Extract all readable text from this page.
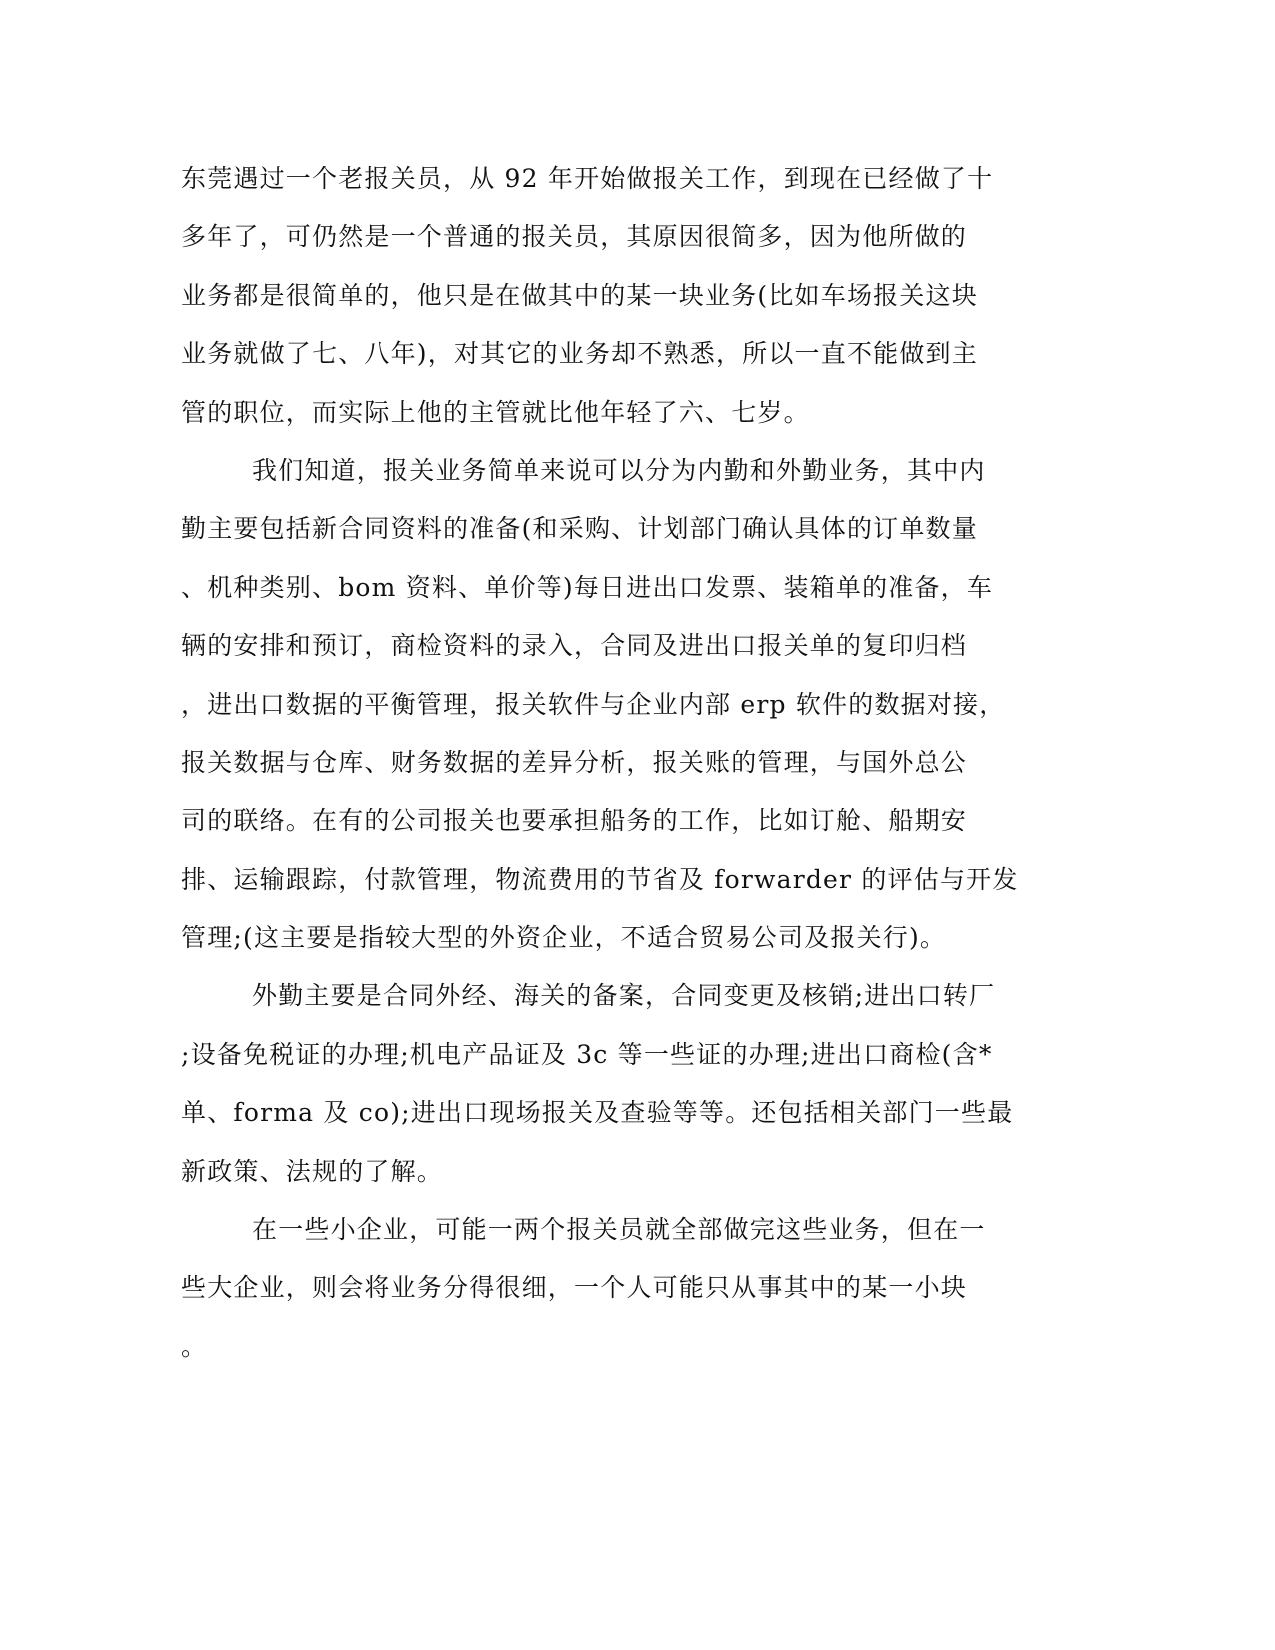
东莞遇过一个老报关员，从 92 年开始做报关工作，到现在已经做了十
多年了，可仍然是一个普通的报关员，其原因很简多，因为他所做的
业务都是很简单的，他只是在做其中的某一块业务(比如车场报关这块
业务就做了七、八年)，对其它的业务却不熟悉，所以一直不能做到主
管的职位，而实际上他的主管就比他年轻了六、七岁。
我们知道，报关业务简单来说可以分为内勤和外勤业务，其中内
勤主要包括新合同资料的准备(和采购、计划部门确认具体的订单数量
、机种类别、bom 资料、单价等)每日进出口发票、装箱单的准备，车
辆的安排和预订，商检资料的录入，合同及进出口报关单的复印归档
，进出口数据的平衡管理，报关软件与企业内部 erp 软件的数据对接，
报关数据与仓库、财务数据的差异分析，报关账的管理，与国外总公
司的联络。在有的公司报关也要承担船务的工作，比如订舱、船期安
排、运输跟踪，付款管理，物流费用的节省及 forwarder 的评估与开发
管理;(这主要是指较大型的外资企业，不适合贸易公司及报关行)。
外勤主要是合同外经、海关的备案，合同变更及核销;进出口转厂
;设备免税证的办理;机电产品证及 3c 等一些证的办理;进出口商检(含*
单、forma 及 co);进出口现场报关及查验等等。还包括相关部门一些最
新政策、法规的了解。
在一些小企业，可能一两个报关员就全部做完这些业务，但在一
些大企业，则会将业务分得很细，一个人可能只从事其中的某一小块
。
